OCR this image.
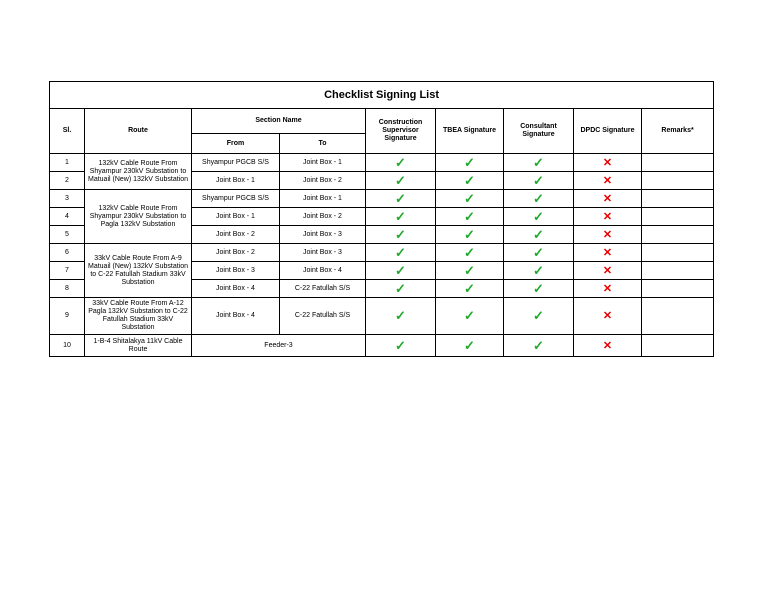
Checklist Signing List								
Sl.	Route	Section Name		Construction Supervisor Signature	TBEA Signature	Consultant Signature	DPDC Signature	Remarks*
		From	To					
1	132kV Cable Route From Shyampur 230kV Substation to Matuail (New) 132kV Substation	Shyampur PGCB S/S	Joint Box - 1	✓	✓	✓	✕	
2		Joint Box - 1	Joint Box - 2	✓	✓	✓	✕	
3	132kV Cable Route From Shyampur 230kV Substation to Pagla 132kV Substation	Shyampur PGCB S/S	Joint Box - 1	✓	✓	✓	✕	
4		Joint Box - 1	Joint Box - 2	✓	✓	✓	✕	
5		Joint Box - 2	Joint Box - 3	✓	✓	✓	✕	
6	33kV Cable Route From A-9 Matuail (New) 132kV Substation to C-22 Fatullah Stadium 33kV Substation	Joint Box - 2	Joint Box - 3	✓	✓	✓	✕	
7		Joint Box - 3	Joint Box - 4	✓	✓	✓	✕	
8		Joint Box - 4	C-22 Fatullah S/S	✓	✓	✓	✕	
9	33kV Cable Route From A-12 Pagla 132kV Substation to C-22 Fatullah Stadium 33kV Substation	Joint Box - 4	C-22 Fatullah S/S	✓	✓	✓	✕	
10	1-B-4 Shitalakya 11kV Cable Route	Feeder-3		✓	✓	✓	✕	
